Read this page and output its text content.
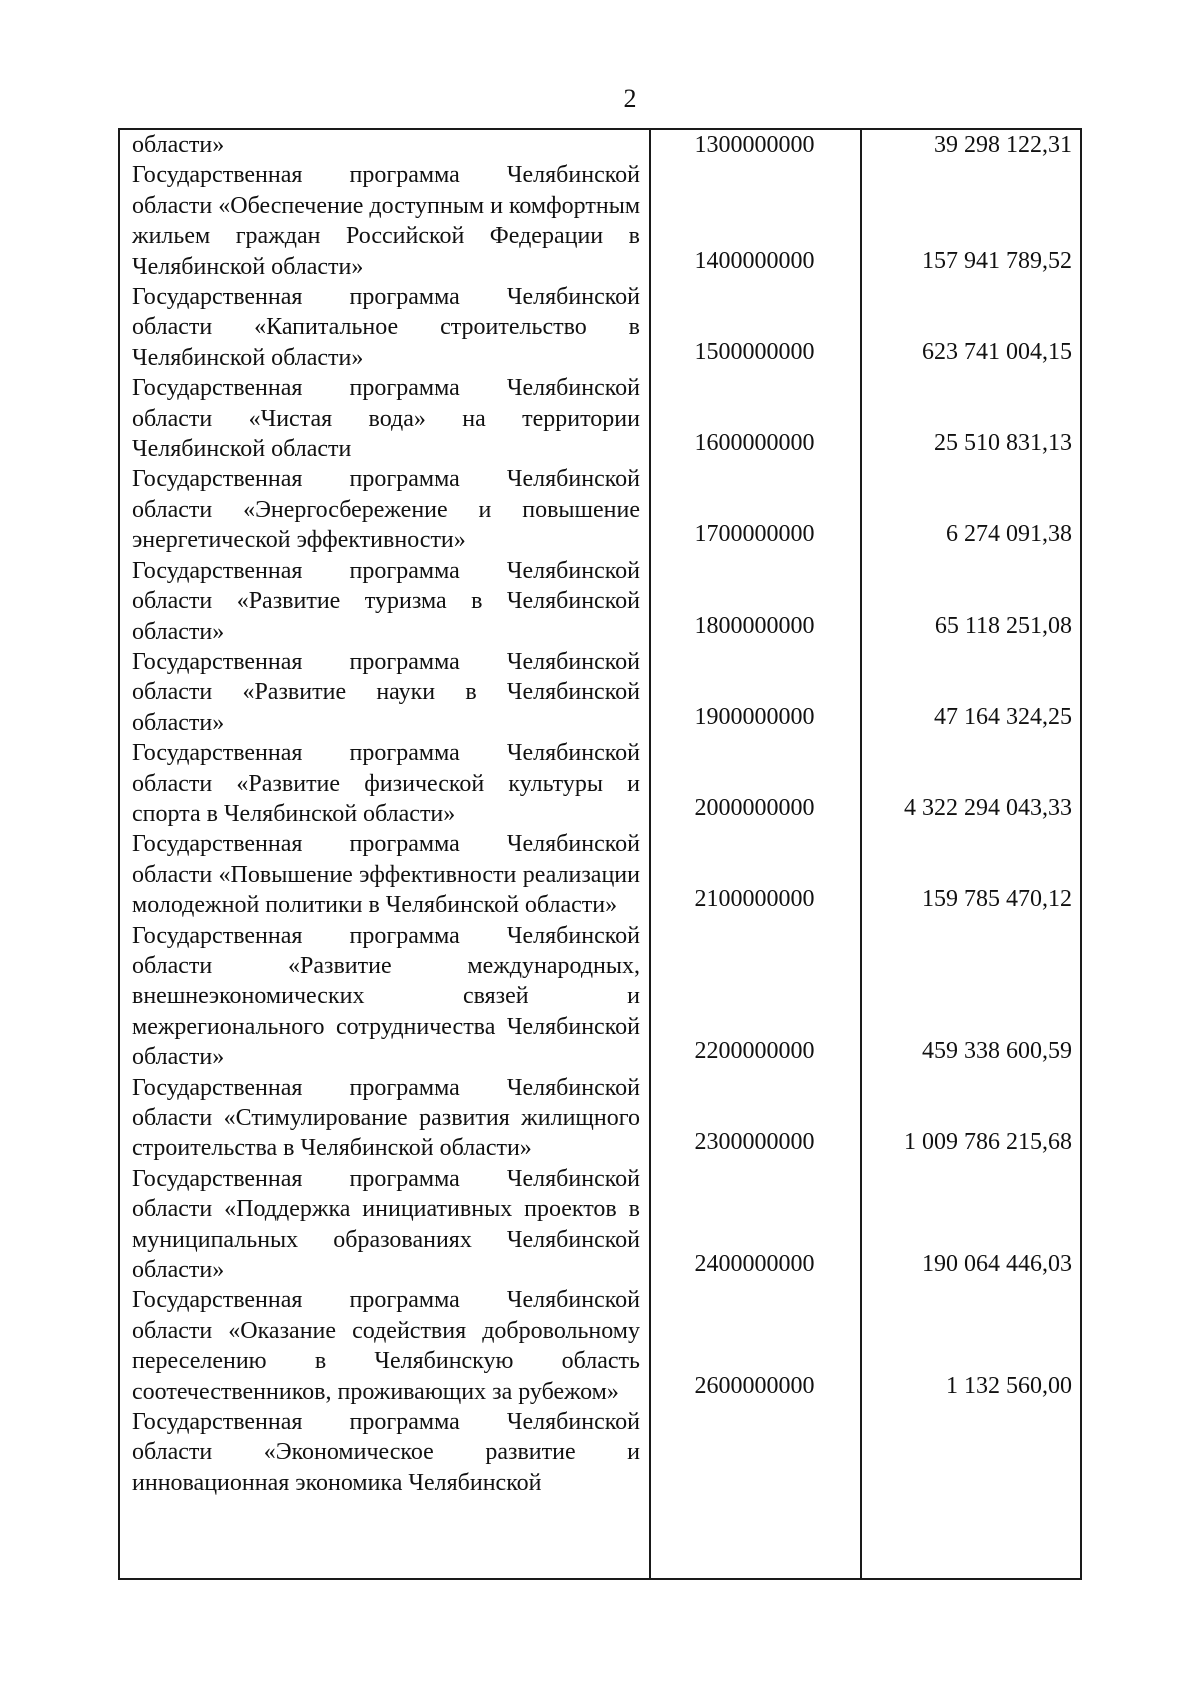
2
области»	1300000000	39 298 122,31
Государственная программа Челябинской области «Обеспечение доступным и комфортным жильем граждан Российской Федерации в Челябинской области»	1400000000	157 941 789,52
Государственная программа Челябинской области «Капитальное строительство в Челябинской области»	1500000000	623 741 004,15
Государственная программа Челябинской области «Чистая вода» на территории Челябинской области	1600000000	25 510 831,13
Государственная программа Челябинской области «Энергосбережение и повышение энергетической эффективности»	1700000000	6 274 091,38
Государственная программа Челябинской области «Развитие туризма в Челябинской области»	1800000000	65 118 251,08
Государственная программа Челябинской области «Развитие науки в Челябинской области»	1900000000	47 164 324,25
Государственная программа Челябинской области «Развитие физической культуры и спорта в Челябинской области»	2000000000	4 322 294 043,33
Государственная программа Челябинской области «Повышение эффективности реализации молодежной политики в Челябинской области»	2100000000	159 785 470,12
Государственная программа Челябинской области «Развитие международных, внешнеэкономических связей и межрегионального сотрудничества Челябинской области»	2200000000	459 338 600,59
Государственная программа Челябинской области «Стимулирование развития жилищного строительства в Челябинской области»	2300000000	1 009 786 215,68
Государственная программа Челябинской области «Поддержка инициативных проектов в муниципальных образованиях Челябинской области»	2400000000	190 064 446,03
Государственная программа Челябинской области «Оказание содействия добровольному переселению в Челябинскую область соотечественников, проживающих за рубежом»	2600000000	1 132 560,00
Государственная программа Челябинской области «Экономическое развитие и инновационная экономика Челябинской
